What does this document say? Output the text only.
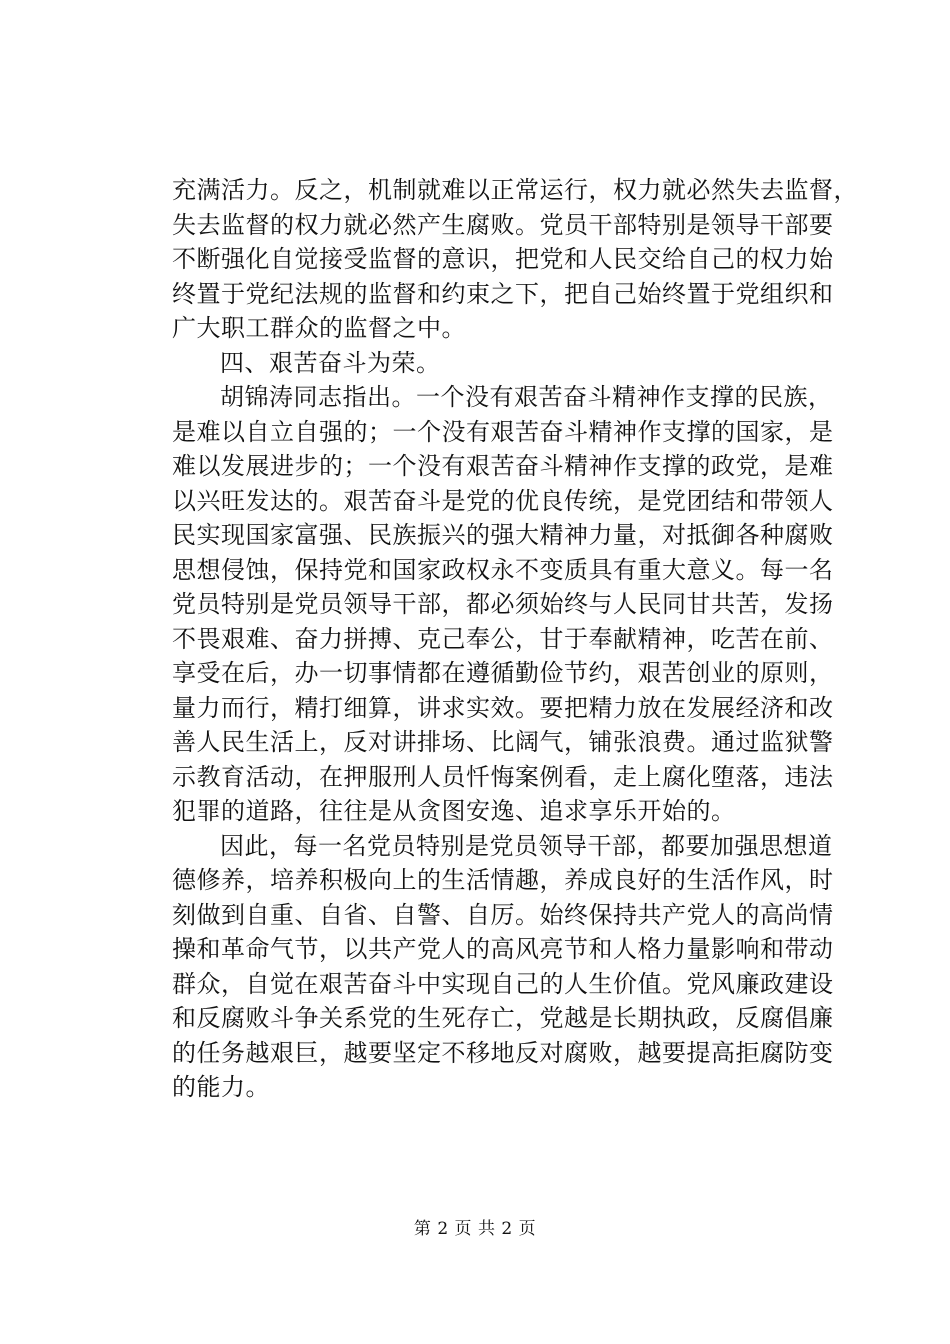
充满活力。反之，机制就难以正常运行，权力就必然失去监督，
失去监督的权力就必然产生腐败。党员干部特别是领导干部要
不断强化自觉接受监督的意识，把党和人民交给自己的权力始
终置于党纪法规的监督和约束之下，把自己始终置于党组织和
广大职工群众的监督之中。
四、艰苦奋斗为荣。
胡锦涛同志指出。一个没有艰苦奋斗精神作支撑的民族，
是难以自立自强的；一个没有艰苦奋斗精神作支撑的国家，是
难以发展进步的；一个没有艰苦奋斗精神作支撑的政党，是难
以兴旺发达的。艰苦奋斗是党的优良传统，是党团结和带领人
民实现国家富强、民族振兴的强大精神力量，对抵御各种腐败
思想侵蚀，保持党和国家政权永不变质具有重大意义。每一名
党员特别是党员领导干部，都必须始终与人民同甘共苦，发扬
不畏艰难、奋力拼搏、克己奉公，甘于奉献精神，吃苦在前、
享受在后，办一切事情都在遵循勤俭节约，艰苦创业的原则，
量力而行，精打细算，讲求实效。要把精力放在发展经济和改
善人民生活上，反对讲排场、比阔气，铺张浪费。通过监狱警
示教育活动，在押服刑人员忏悔案例看，走上腐化堕落，违法
犯罪的道路，往往是从贪图安逸、追求享乐开始的。
因此，每一名党员特别是党员领导干部，都要加强思想道
德修养，培养积极向上的生活情趣，养成良好的生活作风，时
刻做到自重、自省、自警、自厉。始终保持共产党人的高尚情
操和革命气节，以共产党人的高风亮节和人格力量影响和带动
群众，自觉在艰苦奋斗中实现自己的人生价值。党风廉政建设
和反腐败斗争关系党的生死存亡，党越是长期执政，反腐倡廉
的任务越艰巨，越要坚定不移地反对腐败，越要提高拒腐防变
的能力。
第 2 页 共 2 页
